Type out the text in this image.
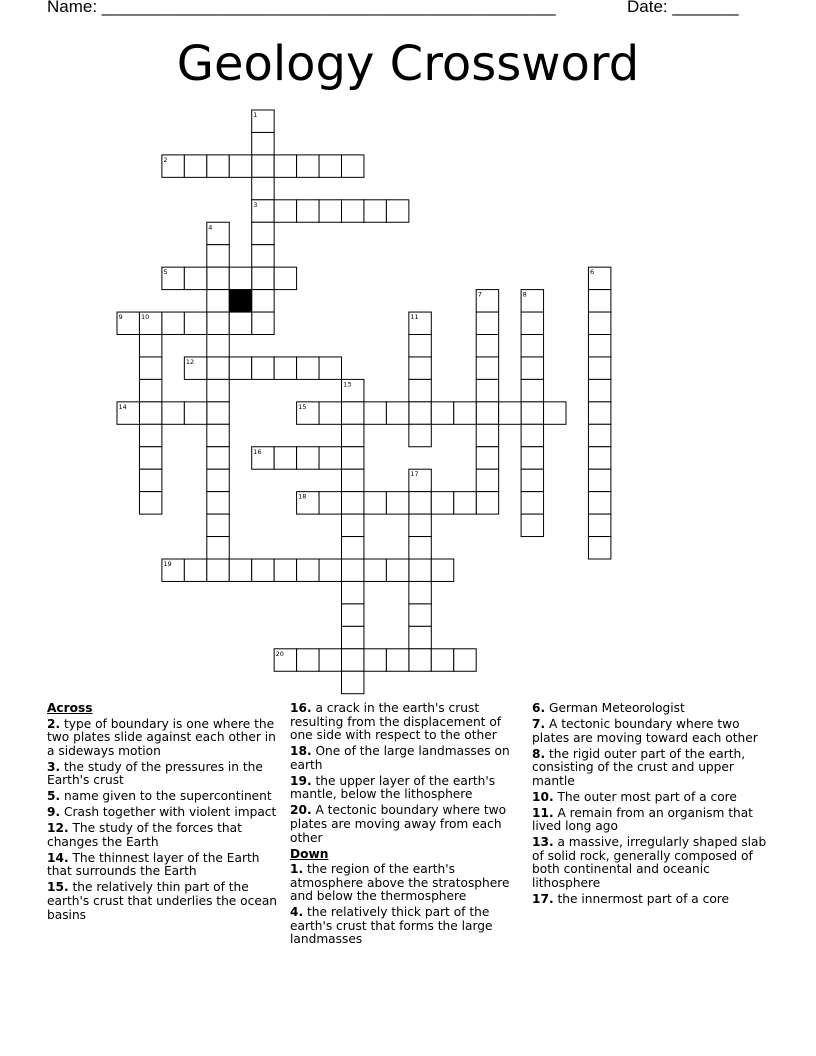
Name: ________________________________________________	Date: _______
Geology Crossword
1
2
3
4
5	6
7	8
9	10	11
12
13
14	15
16
17
18
19
20
Across
2. type of boundary is one where the two plates slide against each other in a sideways motion
3. the study of the pressures in the Earth's crust
5. name given to the supercontinent
9. Crash together with violent impact
12. The study of the forces that changes the Earth
14. The thinnest layer of the Earth that surrounds the Earth
15. the relatively thin part of the earth's crust that underlies the ocean basins
16. a crack in the earth's crust resulting from the displacement of one side with respect to the other
18. One of the large landmasses on earth
19. the upper layer of the earth's mantle, below the lithosphere
20. A tectonic boundary where two plates are moving away from each other
Down
1. the region of the earth's atmosphere above the stratosphere and below the thermosphere
4. the relatively thick part of the earth's crust that forms the large landmasses
6. German Meteorologist
7. A tectonic boundary where two plates are moving toward each other
8. the rigid outer part of the earth, consisting of the crust and upper mantle
10. The outer most part of a core
11. A remain from an organism that lived long ago
13. a massive, irregularly shaped slab of solid rock, generally composed of both continental and oceanic lithosphere
17. the innermost part of a core
